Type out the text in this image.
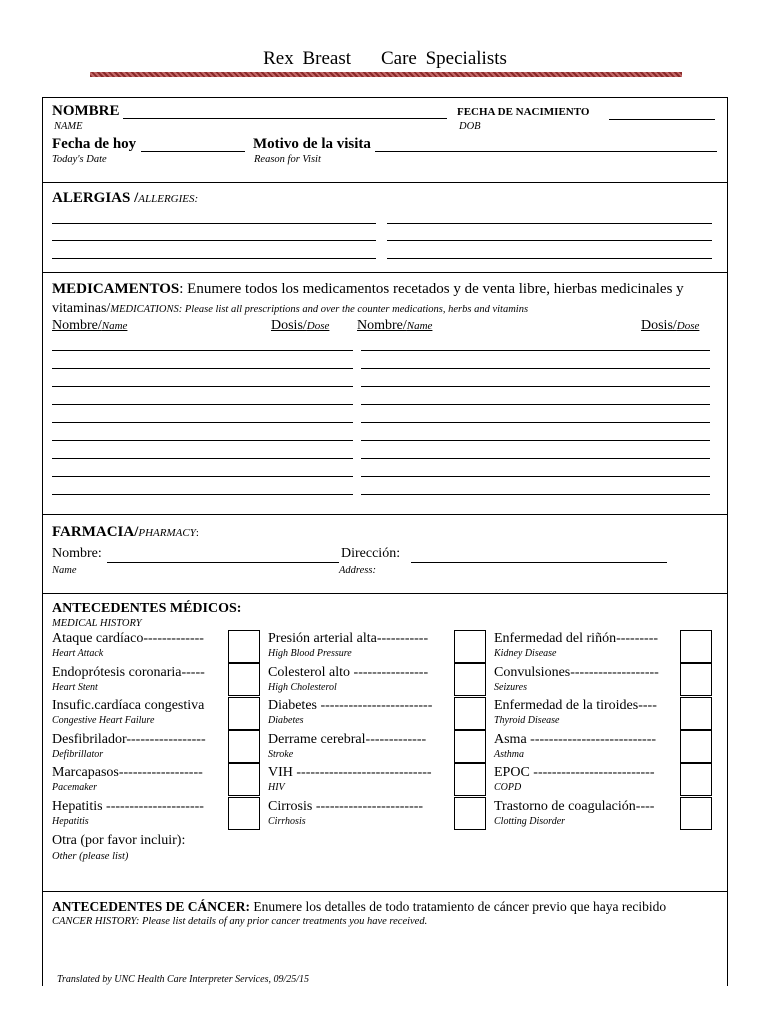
Rex Breast Care Specialists
NOMBRE
NAME
FECHA DE NACIMIENTO
DOB
Fecha de hoy
Today's Date
Motivo de la visita
Reason for Visit
ALERGIAS /ALLERGIES:
MEDICAMENTOS: Enumere todos los medicamentos recetados y de venta libre, hierbas medicinales y
vitaminas/MEDICATIONS: Please list all prescriptions and over the counter medications, herbs and vitamins
Nombre/Name	Dosis/Dose Nombre/Name	Dosis/Dose
FARMACIA/PHARMACY:
Nombre:
Name
Dirección:
Address:
ANTECEDENTES MÉDICOS:
MEDICAL HISTORY
Ataque cardíaco-------------
Heart Attack
Endoprótesis coronaria-----
Heart Stent
Insufic.cardíaca congestiva
Congestive Heart Failure
Desfibrilador-----------------
Defibrillator
Marcapasos------------------
Pacemaker
Hepatitis ---------------------
Hepatitis
Presión arterial alta-----------
High Blood Pressure
Colesterol alto ----------------
High Cholesterol
Diabetes ------------------------
Diabetes
Derrame cerebral-------------
Stroke
VIH -----------------------------
HIV
Cirrosis -----------------------
Cirrhosis
Enfermedad del riñón---------
Kidney Disease
Convulsiones-------------------
Seizures
Enfermedad de la tiroides----
Thyroid Disease
Asma ---------------------------
Asthma
EPOC --------------------------
COPD
Trastorno de coagulación----
Clotting Disorder
Otra (por favor incluir):
Other (please list)
ANTECEDENTES DE CÁNCER: Enumere los detalles de todo tratamiento de cáncer previo que haya recibido
CANCER HISTORY: Please list details of any prior cancer treatments you have received.
Translated by UNC Health Care Interpreter Services, 09/25/15
